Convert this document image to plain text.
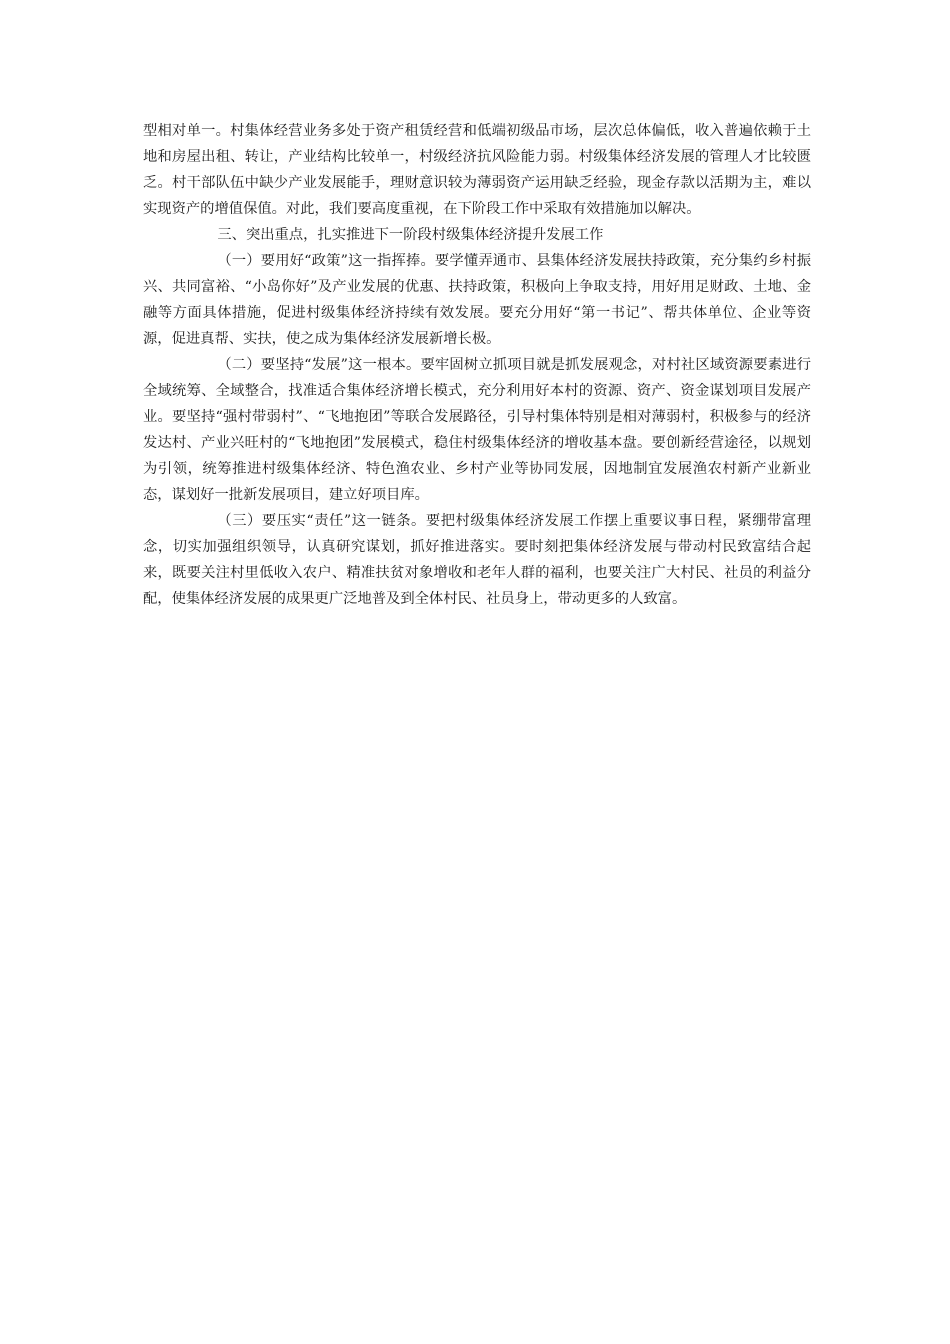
型相对单一。村集体经营业务多处于资产租赁经营和低端初级品市场，层次总体偏低，收入普遍依赖于土地和房屋出租、转让，产业结构比较单一，村级经济抗风险能力弱。村级集体经济发展的管理人才比较匮乏。村干部队伍中缺少产业发展能手，理财意识较为薄弱资产运用缺乏经验，现金存款以活期为主，难以实现资产的增值保值。对此，我们要高度重视，在下阶段工作中采取有效措施加以解决。

三、突出重点，扎实推进下一阶段村级集体经济提升发展工作

（一）要用好“政策”这一指挥捧。要学懂弄通市、县集体经济发展扶持政策，充分集约乡村振兴、共同富裕、“小岛你好”及产业发展的优惠、扶持政策，积极向上争取支持，用好用足财政、土地、金融等方面具体措施，促进村级集体经济持续有效发展。要充分用好“第一书记”、帮共体单位、企业等资源，促进真帮、实扶，使之成为集体经济发展新增长极。

（二）要坚持“发展”这一根本。要牢固树立抓项目就是抓发展观念，对村社区域资源要素进行全域统筹、全域整合，找准适合集体经济增长模式，充分利用好本村的资源、资产、资金谋划项目发展产业。要坚持“强村带弱村”、“飞地抱团”等联合发展路径，引导村集体特别是相对薄弱村，积极参与的经济发达村、产业兴旺村的“飞地抱团”发展模式，稳住村级集体经济的增收基本盘。要创新经营途径，以规划为引领，统筹推进村级集体经济、特色渔农业、乡村产业等协同发展，因地制宜发展渔农村新产业新业态，谋划好一批新发展项目，建立好项目库。

（三）要压实“责任”这一链条。要把村级集体经济发展工作摆上重要议事日程，紧绷带富理念，切实加强组织领导，认真研究谋划，抓好推进落实。要时刻把集体经济发展与带动村民致富结合起来，既要关注村里低收入农户、精准扶贫对象增收和老年人群的福利，也要关注广大村民、社员的利益分配，使集体经济发展的成果更广泛地普及到全体村民、社员身上，带动更多的人致富。
